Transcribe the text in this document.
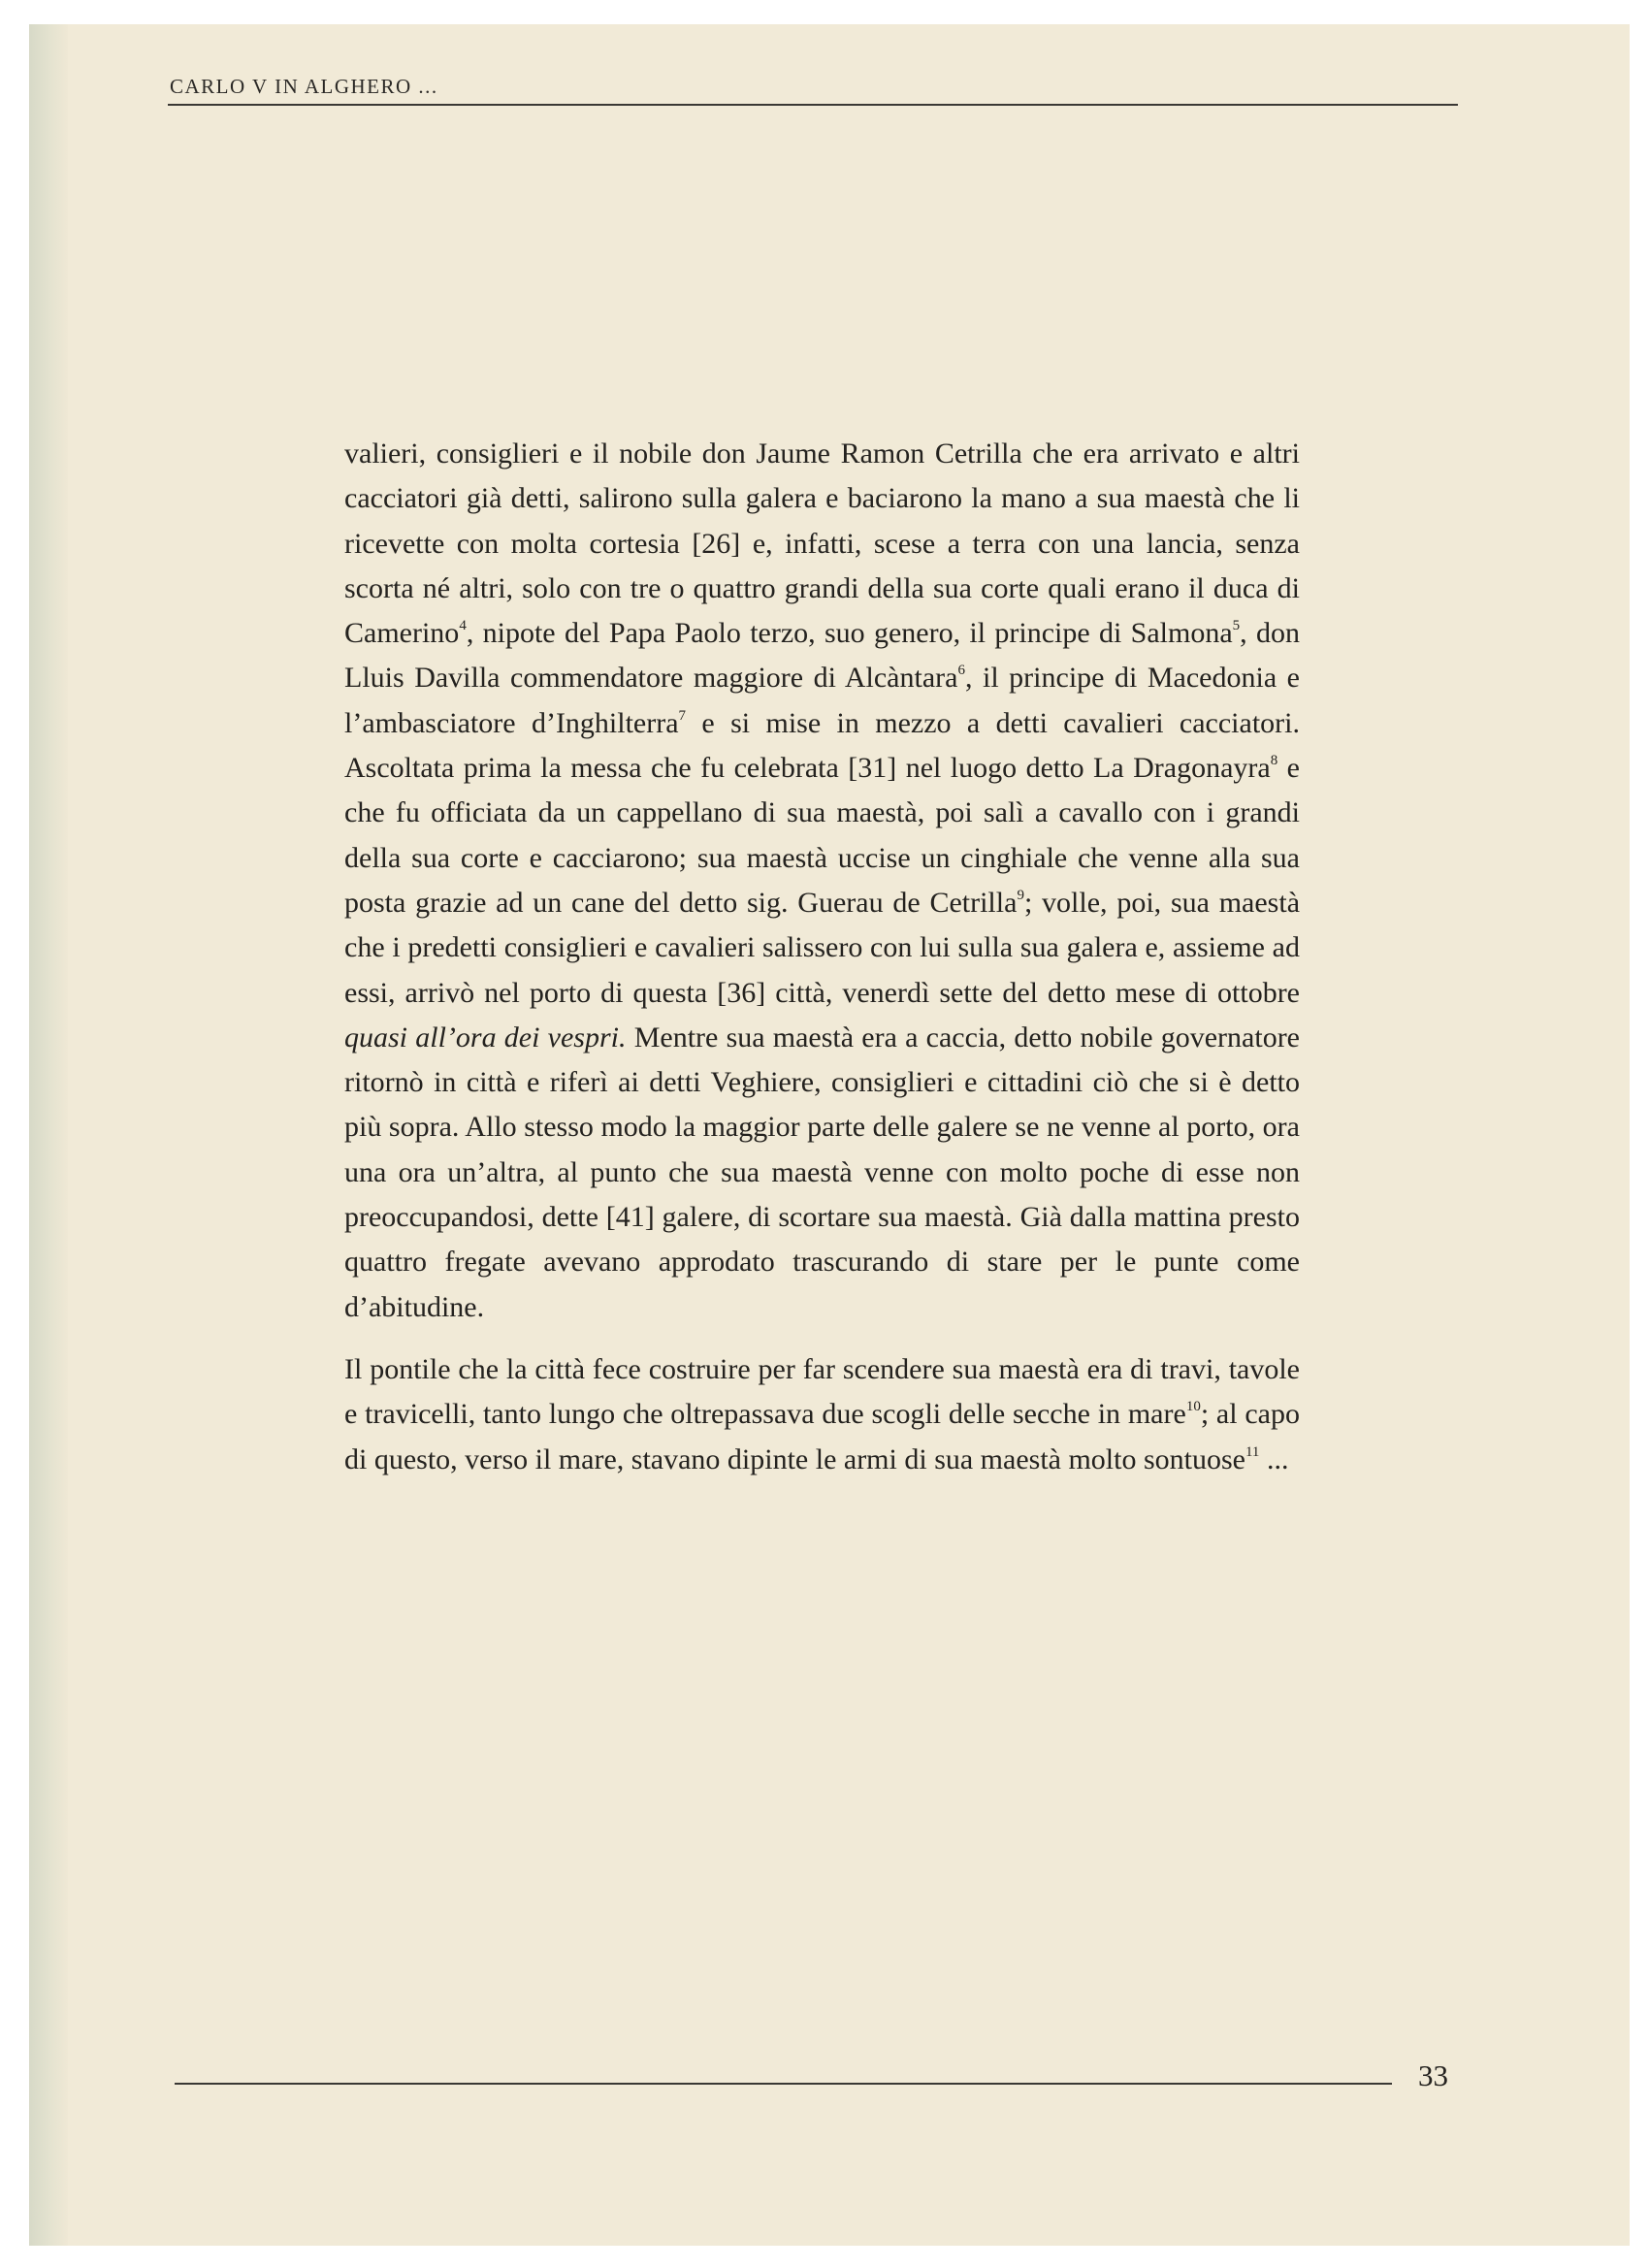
CARLO V IN ALGHERO ...

valieri, consiglieri e il nobile don Jaume Ramon Cetrilla che era arrivato e altri cacciatori già detti, salirono sulla galera e baciarono la mano a sua maestà che li ricevette con molta cortesia [26] e, infatti, scese a terra con una lancia, senza scorta né altri, solo con tre o quattro grandi della sua corte quali erano il duca di Camerino$^4$, nipote del Papa Paolo terzo, suo genero, il principe di Salmona$^5$, don Lluis Davilla commendatore maggiore di Alcàntara$^6$, il principe di Macedonia e l’ambasciatore d’Inghilterra$^7$ e si mise in mezzo a detti cavalieri cacciatori. Ascoltata prima la messa che fu celebrata [31] nel luogo detto La Dragonayra$^8$ e che fu officiata da un cappellano di sua maestà, poi salì a cavallo con i grandi della sua corte e cacciarono; sua maestà uccise un cinghiale che venne alla sua posta grazie ad un cane del detto sig. Guerau de Cetrilla$^9$; volle, poi, sua maestà che i predetti consiglieri e cavalieri salissero con lui sulla sua galera e, assieme ad essi, arrivò nel porto di questa [36] città, venerdì sette del detto mese di ottobre quasi all’ora dei vespri. Mentre sua maestà era a caccia, detto nobile governatore ritornò in città e riferì ai detti Veghiere, consiglieri e cittadini ciò che si è detto più sopra. Allo stesso modo la maggior parte delle galere se ne venne al porto, ora una ora un’altra, al punto che sua maestà venne con molto poche di esse non preoccupandosi, dette [41] galere, di scortare sua maestà. Già dalla mattina presto quattro fregate avevano approdato trascurando di stare per le punte come d’abitudine.

Il pontile che la città fece costruire per far scendere sua maestà era di travi, tavole e travicelli, tanto lungo che oltrepassava due scogli delle secche in mare$^{10}$; al capo di questo, verso il mare, stavano dipinte le armi di sua maestà molto sontuose$^{11}$ ...

33
